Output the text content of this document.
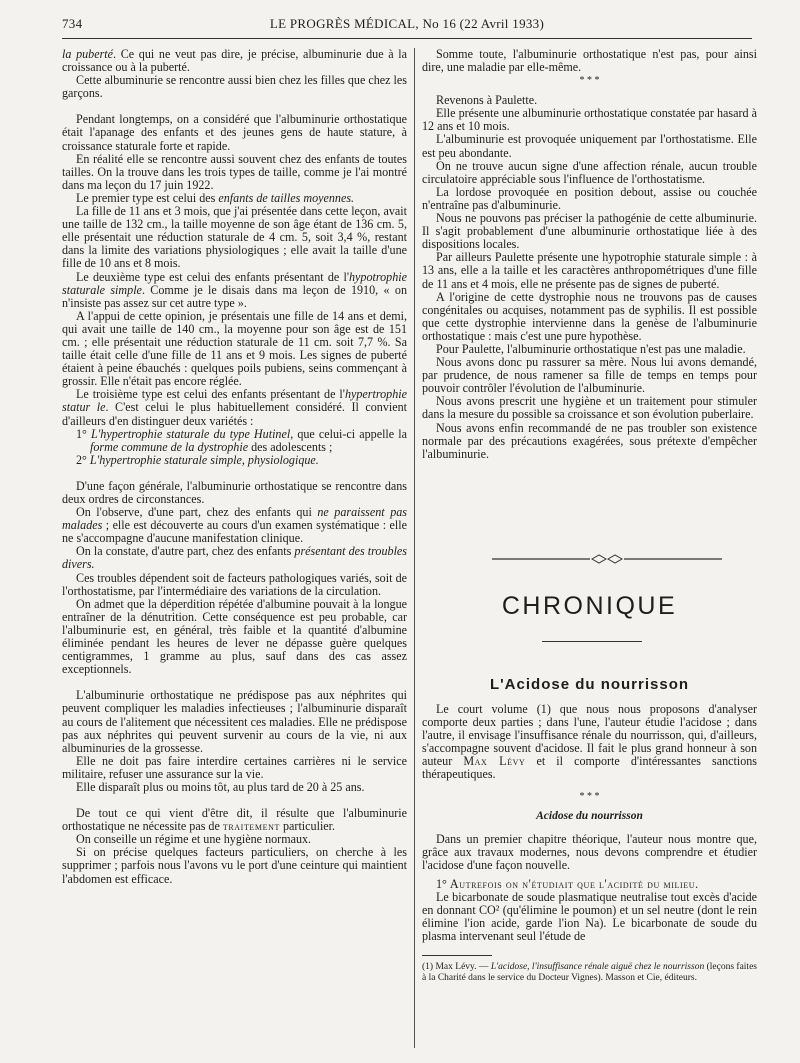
734	LE PROGRÈS MÉDICAL, No 16 (22 Avril 1933)

la puberté. Ce qui ne veut pas dire, je précise, albuminurie due à la croissance ou à la puberté.

Cette albuminurie se rencontre aussi bien chez les filles que chez les garçons.

Pendant longtemps, on a considéré que l'albuminurie orthostatique était l'apanage des enfants et des jeunes gens de haute stature, à croissance staturale forte et rapide.

En réalité elle se rencontre aussi souvent chez des enfants de toutes tailles. On la trouve dans les trois types de taille, comme je l'ai montré dans ma leçon du 17 juin 1922.

Le premier type est celui des enfants de tailles moyennes.

La fille de 11 ans et 3 mois, que j'ai présentée dans cette leçon, avait une taille de 132 cm., la taille moyenne de son âge étant de 136 cm. 5, elle présentait une réduction staturale de 4 cm. 5, soit 3,4 %, restant dans la limite des variations physiologiques ; elle avait la taille d'une fille de 10 ans et 8 mois.

Le deuxième type est celui des enfants présentant de l'hypotrophie staturale simple. Comme je le disais dans ma leçon de 1910, « on n'insiste pas assez sur cet autre type ».

A l'appui de cette opinion, je présentais une fille de 14 ans et demi, qui avait une taille de 140 cm., la moyenne pour son âge est de 151 cm. ; elle présentait une réduction staturale de 11 cm. soit 7,7 %. Sa taille était celle d'une fille de 11 ans et 9 mois. Les signes de puberté étaient à peine ébauchés : quelques poils pubiens, seins commençant à grossir. Elle n'était pas encore réglée.

Le troisième type est celui des enfants présentant de l'hypertrophie statur le. C'est celui le plus habituellement considéré. Il convient d'ailleurs d'en distinguer deux variétés :

1° L'hypertrophie staturale du type Hutinel, que celui-ci appelle la forme commune de la dystrophie des adolescents ;

2° L'hypertrophie staturale simple, physiologique.

D'une façon générale, l'albuminurie orthostatique se rencontre dans deux ordres de circonstances.

On l'observe, d'une part, chez des enfants qui ne paraissent pas malades ; elle est découverte au cours d'un examen systématique : elle ne s'accompagne d'aucune manifestation clinique.

On la constate, d'autre part, chez des enfants présentant des troubles divers.

Ces troubles dépendent soit de facteurs pathologiques variés, soit de l'orthostatisme, par l'intermédiaire des variations de la circulation.

On admet que la déperdition répétée d'albumine pouvait à la longue entraîner de la dénutrition. Cette conséquence est peu probable, car l'albuminurie est, en général, très faible et la quantité d'albumine éliminée pendant les heures de lever ne dépasse guère quelques centigrammes, 1 gramme au plus, sauf dans des cas assez exceptionnels.

L'albuminurie orthostatique ne prédispose pas aux néphrites qui peuvent compliquer les maladies infectieuses ; l'albuminurie disparaît au cours de l'alitement que nécessitent ces maladies. Elle ne prédispose pas aux néphrites qui peuvent survenir au cours de la vie, ni aux albuminuries de la grossesse.

Elle ne doit pas faire interdire certaines carrières ni le service militaire, refuser une assurance sur la vie.

Elle disparaît plus ou moins tôt, au plus tard de 20 à 25 ans.

De tout ce qui vient d'être dit, il résulte que l'albuminurie orthostatique ne nécessite pas de traitement particulier.

On conseille un régime et une hygiène normaux.

Si on précise quelques facteurs particuliers, on cherche à les supprimer ; parfois nous l'avons vu le port d'une ceinture qui maintient l'abdomen est efficace.

Somme toute, l'albuminurie orthostatique n'est pas, pour ainsi dire, une maladie par elle-même.

* * *

Revenons à Paulette.

Elle présente une albuminurie orthostatique constatée par hasard à 12 ans et 10 mois.

L'albuminurie est provoquée uniquement par l'orthostatisme. Elle est peu abondante.

On ne trouve aucun signe d'une affection rénale, aucun trouble circulatoire appréciable sous l'influence de l'orthostatisme.

La lordose provoquée en position debout, assise ou couchée n'entraîne pas d'albuminurie.

Nous ne pouvons pas préciser la pathogénie de cette albuminurie. Il s'agit probablement d'une albuminurie orthostatique liée à des dispositions locales.

Par ailleurs Paulette présente une hypotrophie staturale simple : à 13 ans, elle a la taille et les caractères anthropométriques d'une fille de 11 ans et 4 mois, elle ne présente pas de signes de puberté.

A l'origine de cette dystrophie nous ne trouvons pas de causes congénitales ou acquises, notamment pas de syphilis. Il est possible que cette dystrophie intervienne dans la genèse de l'albuminurie orthostatique : mais c'est une pure hypothèse.

Pour Paulette, l'albuminurie orthostatique n'est pas une maladie.

Nous avons donc pu rassurer sa mère. Nous lui avons demandé, par prudence, de nous ramener sa fille de temps en temps pour pouvoir contrôler l'évolution de l'albuminurie.

Nous avons prescrit une hygiène et un traitement pour stimuler dans la mesure du possible sa croissance et son évolution puberlaire.

Nous avons enfin recommandé de ne pas troubler son existence normale par des précautions exagérées, sous prétexte d'empêcher l'albuminurie.

CHRONIQUE
L'Acidose du nourrisson

Le court volume (1) que nous nous proposons d'analyser comporte deux parties ; dans l'une, l'auteur étudie l'acidose ; dans l'autre, il envisage l'insuffisance rénale du nourrisson, qui, d'ailleurs, s'accompagne souvent d'acidose. Il fait le plus grand honneur à son auteur Max Lévy et il comporte d'intéressantes sanctions thérapeutiques.

* * *
Acidose du nourrisson

Dans un premier chapitre théorique, l'auteur nous montre que, grâce aux travaux modernes, nous devons comprendre et étudier l'acidose d'une façon nouvelle.

1° Autrefois on n'étudiait que l'acidité du milieu.

Le bicarbonate de soude plasmatique neutralise tout excès d'acide en donnant CO² (qu'élimine le poumon) et un sel neutre (dont le rein élimine l'ion acide, garde l'ion Na). Le bicarbonate de soude du plasma intervenant seul l'étude de

(1) Max Lévy. — L'acidose, l'insuffisance rénale aiguë chez le nourrisson (leçons faites à la Charité dans le service du Docteur Vignes). Masson et Cie, éditeurs.
